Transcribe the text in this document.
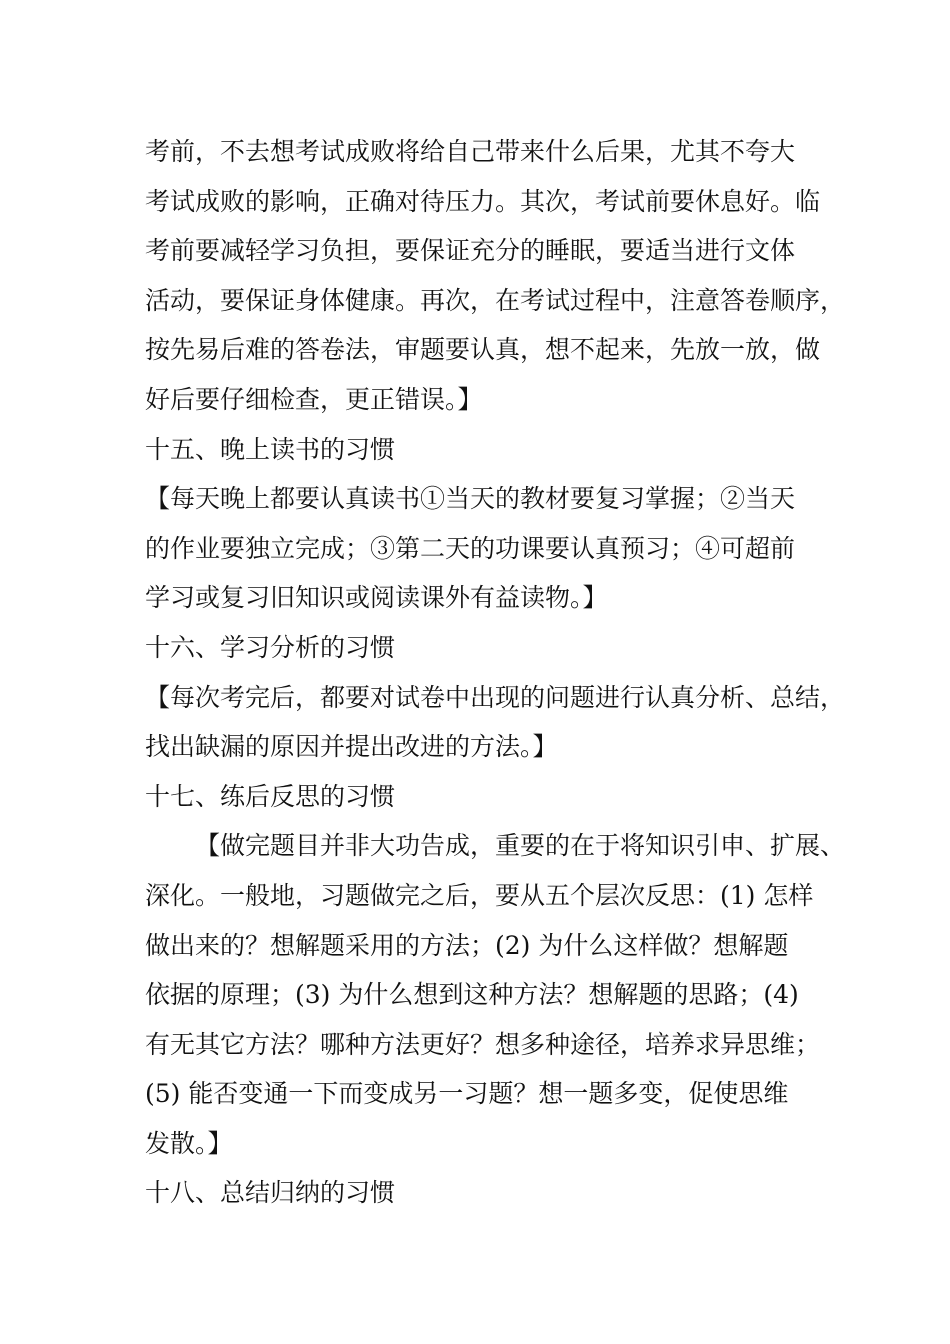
考前，不去想考试成败将给自己带来什么后果，尤其不夸大
考试成败的影响，正确对待压力。其次，考试前要休息好。临
考前要减轻学习负担，要保证充分的睡眠，要适当进行文体
活动，要保证身体健康。再次，在考试过程中，注意答卷顺序，
按先易后难的答卷法，审题要认真，想不起来，先放一放，做
好后要仔细检查，更正错误。】
十五、晚上读书的习惯
【每天晚上都要认真读书①当天的教材要复习掌握；②当天
的作业要独立完成；③第二天的功课要认真预习；④可超前
学习或复习旧知识或阅读课外有益读物。】
十六、学习分析的习惯
【每次考完后，都要对试卷中出现的问题进行认真分析、总结，
找出缺漏的原因并提出改进的方法。】
十七、练后反思的习惯
【做完题目并非大功告成，重要的在于将知识引申、扩展、
深化。一般地，习题做完之后，要从五个层次反思：(1) 怎样
做出来的？想解题采用的方法；(2) 为什么这样做？想解题
依据的原理；(3) 为什么想到这种方法？想解题的思路；(4)
有无其它方法？哪种方法更好？想多种途径，培养求异思维；
(5) 能否变通一下而变成另一习题？想一题多变，促使思维
发散。】
十八、总结归纳的习惯
